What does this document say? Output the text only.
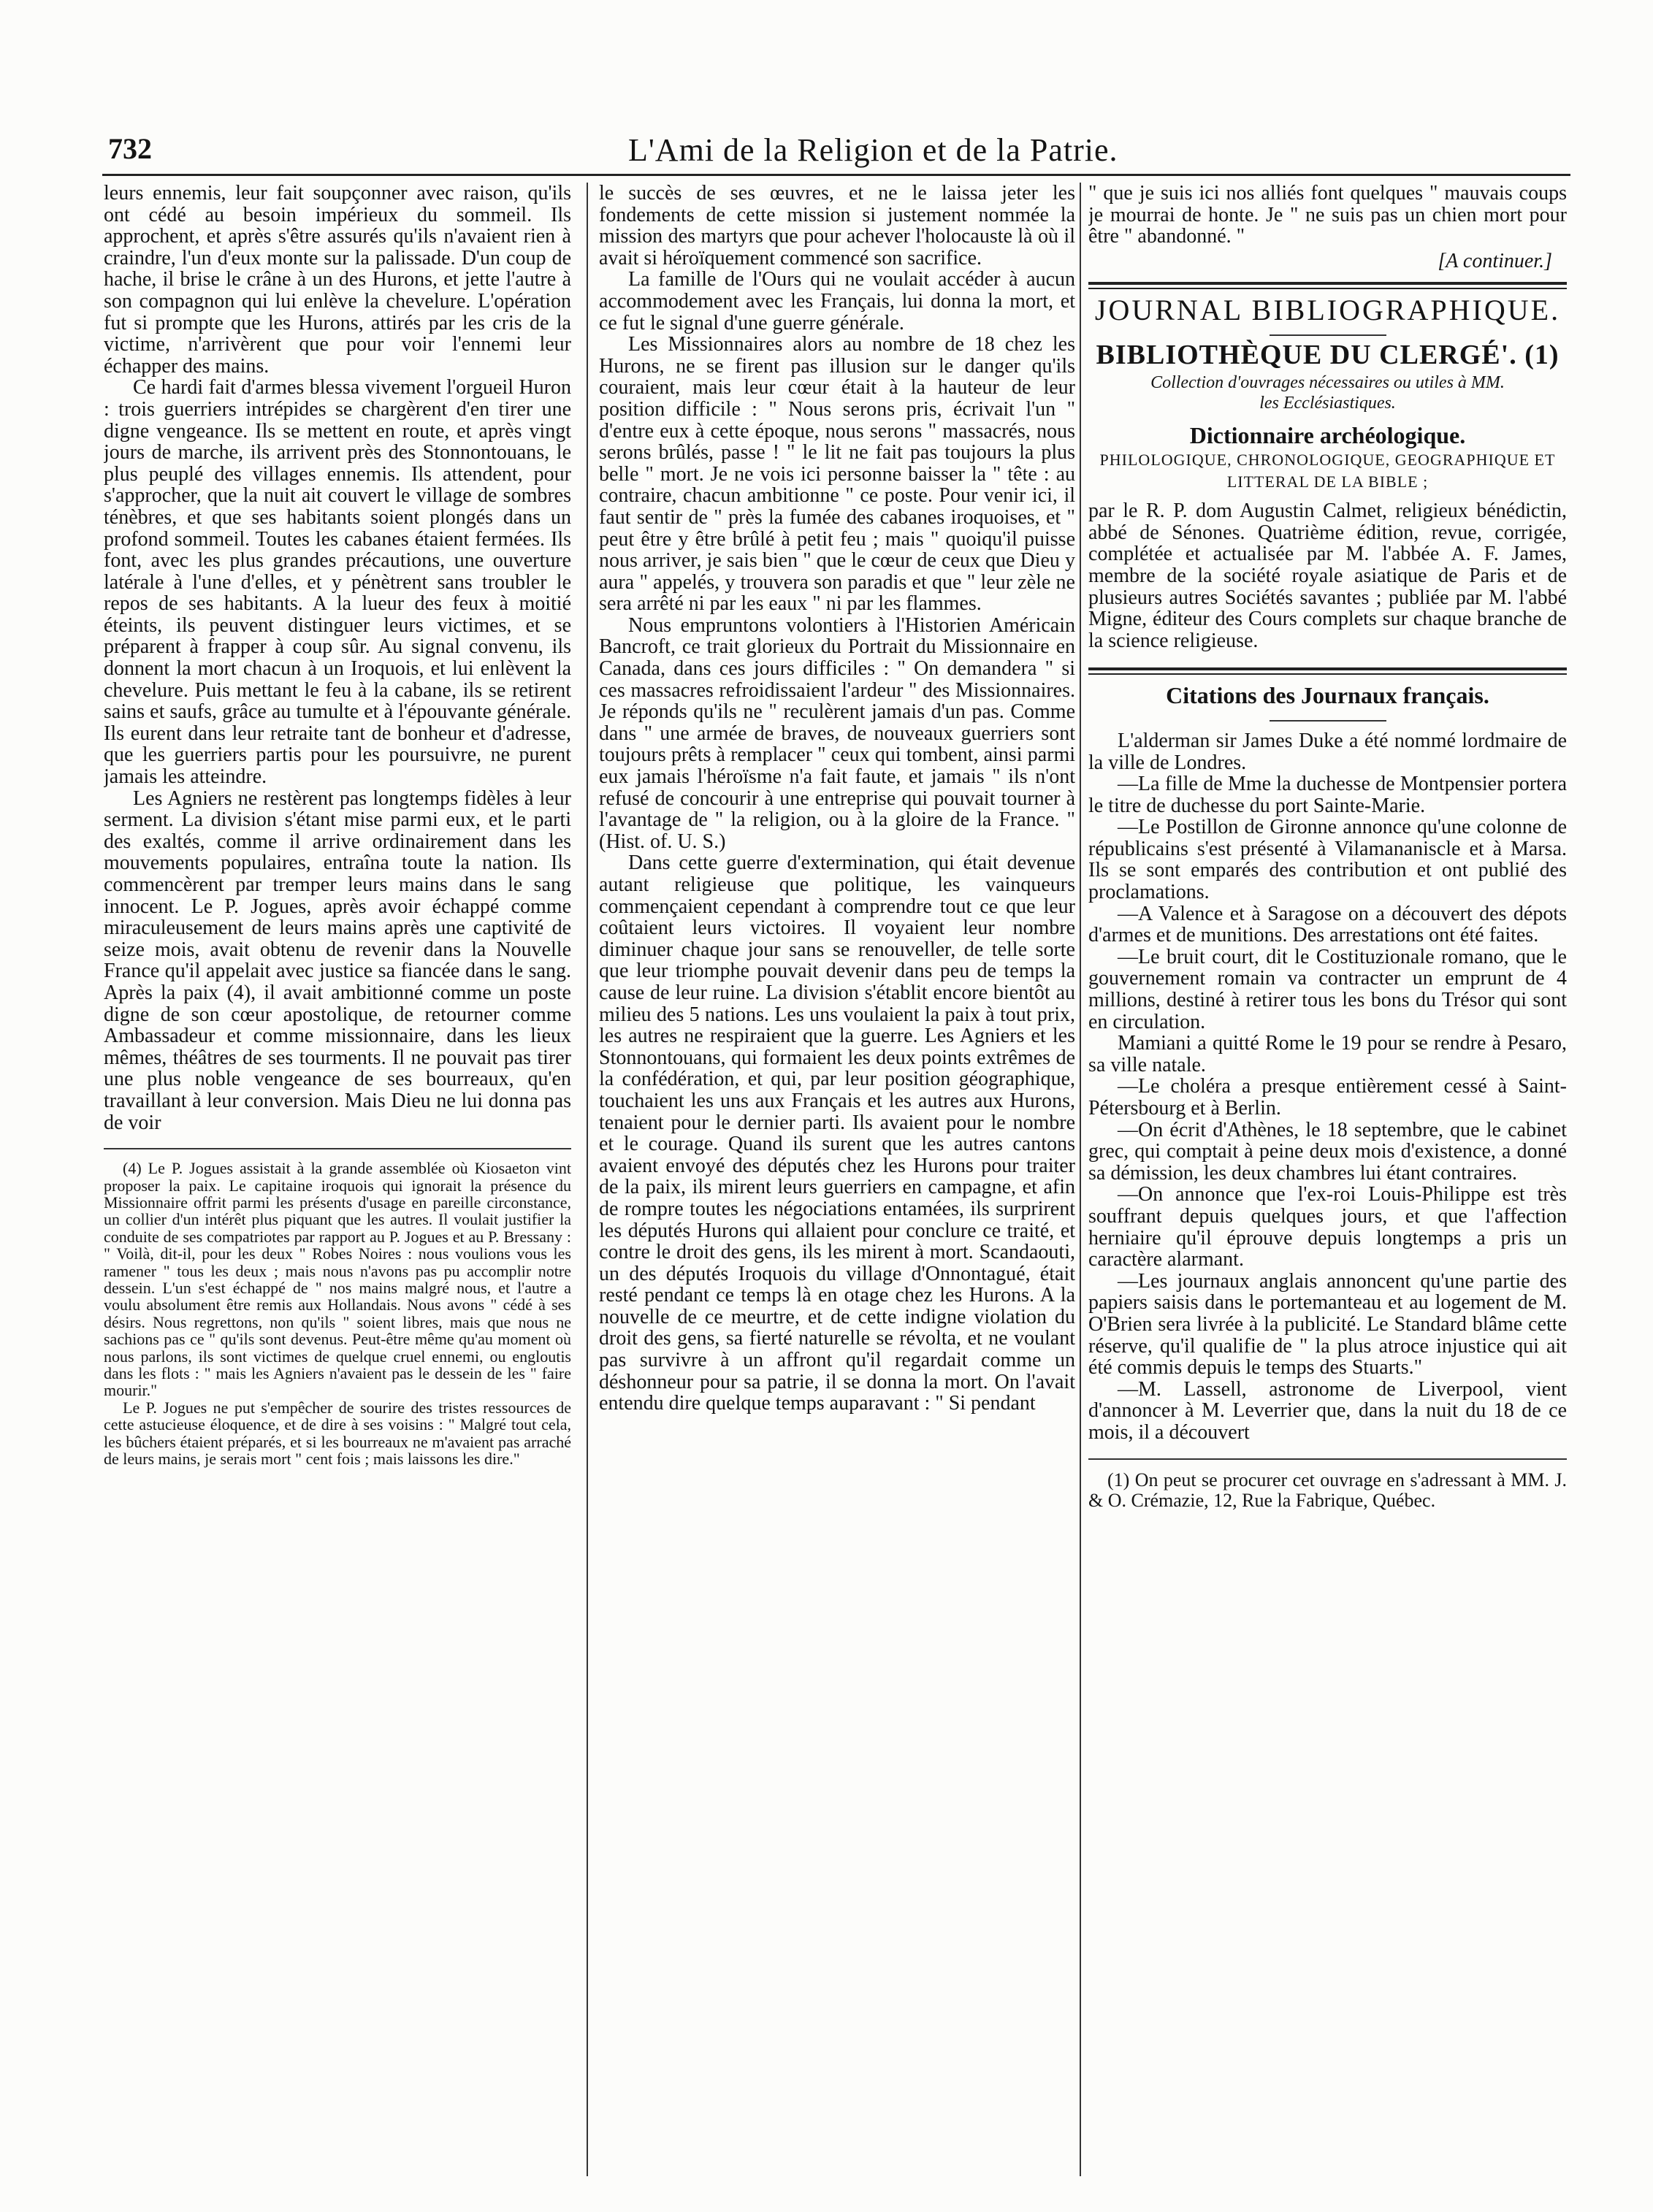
732	L'Ami de la Religion et de la Patrie.

leurs ennemis, leur fait soupçonner avec raison, qu'ils ont cédé au besoin impérieux du sommeil. Ils approchent, et après s'être assurés qu'ils n'avaient rien à craindre, l'un d'eux monte sur la palissade. D'un coup de hache, il brise le crâne à un des Hurons, et jette l'autre à son compagnon qui lui enlève la chevelure. L'opération fut si prompte que les Hurons, attirés par les cris de la victime, n'arrivèrent que pour voir l'ennemi leur échapper des mains.

Ce hardi fait d'armes blessa vivement l'orgueil Huron : trois guerriers intrépides se chargèrent d'en tirer une digne vengeance. Ils se mettent en route, et après vingt jours de marche, ils arrivent près des Stonnontouans, le plus peuplé des villages ennemis. Ils attendent, pour s'approcher, que la nuit ait couvert le village de sombres ténèbres, et que ses habitants soient plongés dans un profond sommeil. Toutes les cabanes étaient fermées. Ils font, avec les plus grandes précautions, une ouverture latérale à l'une d'elles, et y pénètrent sans troubler le repos de ses habitants. A la lueur des feux à moitié éteints, ils peuvent distinguer leurs victimes, et se préparent à frapper à coup sûr. Au signal convenu, ils donnent la mort chacun à un Iroquois, et lui enlèvent la chevelure. Puis mettant le feu à la cabane, ils se retirent sains et saufs, grâce au tumulte et à l'épouvante générale. Ils eurent dans leur retraite tant de bonheur et d'adresse, que les guerriers partis pour les poursuivre, ne purent jamais les atteindre.

Les Agniers ne restèrent pas longtemps fidèles à leur serment. La division s'étant mise parmi eux, et le parti des exaltés, comme il arrive ordinairement dans les mouvements populaires, entraîna toute la nation. Ils commencèrent par tremper leurs mains dans le sang innocent. Le P. Jogues, après avoir échappé comme miraculeusement de leurs mains après une captivité de seize mois, avait obtenu de revenir dans la Nouvelle France qu'il appelait avec justice sa fiancée dans le sang. Après la paix (4), il avait ambitionné comme un poste digne de son cœur apostolique, de retourner comme Ambassadeur et comme missionnaire, dans les lieux mêmes, théâtres de ses tourments. Il ne pouvait pas tirer une plus noble vengeance de ses bourreaux, qu'en travaillant à leur conversion. Mais Dieu ne lui donna pas de voir

(4) Le P. Jogues assistait à la grande assemblée où Kiosaeton vint proposer la paix. Le capitaine iroquois qui ignorait la présence du Missionnaire offrit parmi les présents d'usage en pareille circonstance, un collier d'un intérêt plus piquant que les autres. Il voulait justifier la conduite de ses compatriotes par rapport au P. Jogues et au P. Bressany : " Voilà, dit-il, pour les deux " Robes Noires : nous voulions vous les ramener " tous les deux ; mais nous n'avons pas pu accomplir notre dessein. L'un s'est échappé de " nos mains malgré nous, et l'autre a voulu absolument être remis aux Hollandais. Nous avons " cédé à ses désirs. Nous regrettons, non qu'ils " soient libres, mais que nous ne sachions pas ce " qu'ils sont devenus. Peut-être même qu'au moment où nous parlons, ils sont victimes de quelque cruel ennemi, ou engloutis dans les flots : " mais les Agniers n'avaient pas le dessein de les " faire mourir."

Le P. Jogues ne put s'empêcher de sourire des tristes ressources de cette astucieuse éloquence, et de dire à ses voisins : " Malgré tout cela, les bûchers étaient préparés, et si les bourreaux ne m'avaient pas arraché de leurs mains, je serais mort " cent fois ; mais laissons les dire."

le succès de ses œuvres, et ne le laissa jeter les fondements de cette mission si justement nommée la mission des martyrs que pour achever l'holocauste là où il avait si héroïquement commencé son sacrifice.

La famille de l'Ours qui ne voulait accéder à aucun accommodement avec les Français, lui donna la mort, et ce fut le signal d'une guerre générale.

Les Missionnaires alors au nombre de 18 chez les Hurons, ne se firent pas illusion sur le danger qu'ils couraient, mais leur cœur était à la hauteur de leur position difficile : " Nous serons pris, écrivait l'un " d'entre eux à cette époque, nous serons " massacrés, nous serons brûlés, passe ! " le lit ne fait pas toujours la plus belle " mort. Je ne vois ici personne baisser la " tête : au contraire, chacun ambitionne " ce poste. Pour venir ici, il faut sentir de " près la fumée des cabanes iroquoises, et " peut être y être brûlé à petit feu ; mais " quoiqu'il puisse nous arriver, je sais bien " que le cœur de ceux que Dieu y aura " appelés, y trouvera son paradis et que " leur zèle ne sera arrêté ni par les eaux " ni par les flammes.

Nous empruntons volontiers à l'Historien Américain Bancroft, ce trait glorieux du Portrait du Missionnaire en Canada, dans ces jours difficiles : " On demandera " si ces massacres refroidissaient l'ardeur " des Missionnaires. Je réponds qu'ils ne " reculèrent jamais d'un pas. Comme dans " une armée de braves, de nouveaux guerriers sont toujours prêts à remplacer " ceux qui tombent, ainsi parmi eux jamais l'héroïsme n'a fait faute, et jamais " ils n'ont refusé de concourir à une entreprise qui pouvait tourner à l'avantage de " la religion, ou à la gloire de la France. " (Hist. of. U. S.)

Dans cette guerre d'extermination, qui était devenue autant religieuse que politique, les vainqueurs commençaient cependant à comprendre tout ce que leur coûtaient leurs victoires. Il voyaient leur nombre diminuer chaque jour sans se renouveller, de telle sorte que leur triomphe pouvait devenir dans peu de temps la cause de leur ruine. La division s'établit encore bientôt au milieu des 5 nations. Les uns voulaient la paix à tout prix, les autres ne respiraient que la guerre. Les Agniers et les Stonnontouans, qui formaient les deux points extrêmes de la confédération, et qui, par leur position géographique, touchaient les uns aux Français et les autres aux Hurons, tenaient pour le dernier parti. Ils avaient pour le nombre et le courage. Quand ils surent que les autres cantons avaient envoyé des députés chez les Hurons pour traiter de la paix, ils mirent leurs guerriers en campagne, et afin de rompre toutes les négociations entamées, ils surprirent les députés Hurons qui allaient pour conclure ce traité, et contre le droit des gens, ils les mirent à mort. Scandaouti, un des députés Iroquois du village d'Onnontagué, était resté pendant ce temps là en otage chez les Hurons. A la nouvelle de ce meurtre, et de cette indigne violation du droit des gens, sa fierté naturelle se révolta, et ne voulant pas survivre à un affront qu'il regardait comme un déshonneur pour sa patrie, il se donna la mort. On l'avait entendu dire quelque temps auparavant : " Si pendant

" que je suis ici nos alliés font quelques " mauvais coups je mourrai de honte. Je " ne suis pas un chien mort pour être " abandonné. "

[A continuer.]
JOURNAL BIBLIOGRAPHIQUE.
BIBLIOTHÈQUE DU CLERGÉ'. (1)
Collection d'ouvrages nécessaires ou utiles à MM.
les Ecclésiastiques.
Dictionnaire archéologique.
PHILOLOGIQUE, CHRONOLOGIQUE, GEOGRAPHIQUE ET LITTERAL DE LA BIBLE ;

par le R. P. dom Augustin Calmet, religieux bénédictin, abbé de Sénones. Quatrième édition, revue, corrigée, complétée et actualisée par M. l'abbée A. F. James, membre de la société royale asiatique de Paris et de plusieurs autres Sociétés savantes ; publiée par M. l'abbé Migne, éditeur des Cours complets sur chaque branche de la science religieuse.

Citations des Journaux français.

L'alderman sir James Duke a été nommé lordmaire de la ville de Londres.

—La fille de Mme la duchesse de Montpensier portera le titre de duchesse du port Sainte-Marie.

—Le Postillon de Gironne annonce qu'une colonne de républicains s'est présenté à Vilamananiscle et à Marsa. Ils se sont emparés des contribution et ont publié des proclamations.

—A Valence et à Saragose on a découvert des dépots d'armes et de munitions. Des arrestations ont été faites.

—Le bruit court, dit le Costituzionale romano, que le gouvernement romain va contracter un emprunt de 4 millions, destiné à retirer tous les bons du Trésor qui sont en circulation.

Mamiani a quitté Rome le 19 pour se rendre à Pesaro, sa ville natale.

—Le choléra a presque entièrement cessé à Saint-Pétersbourg et à Berlin.

—On écrit d'Athènes, le 18 septembre, que le cabinet grec, qui comptait à peine deux mois d'existence, a donné sa démission, les deux chambres lui étant contraires.

—On annonce que l'ex-roi Louis-Philippe est très souffrant depuis quelques jours, et que l'affection herniaire qu'il éprouve depuis longtemps a pris un caractère alarmant.

—Les journaux anglais annoncent qu'une partie des papiers saisis dans le portemanteau et au logement de M. O'Brien sera livrée à la publicité. Le Standard blâme cette réserve, qu'il qualifie de " la plus atroce injustice qui ait été commis depuis le temps des Stuarts."

—M. Lassell, astronome de Liverpool, vient d'annoncer à M. Leverrier que, dans la nuit du 18 de ce mois, il a découvert

(1) On peut se procurer cet ouvrage en s'adressant à MM. J. & O. Crémazie, 12, Rue la Fabrique, Québec.
